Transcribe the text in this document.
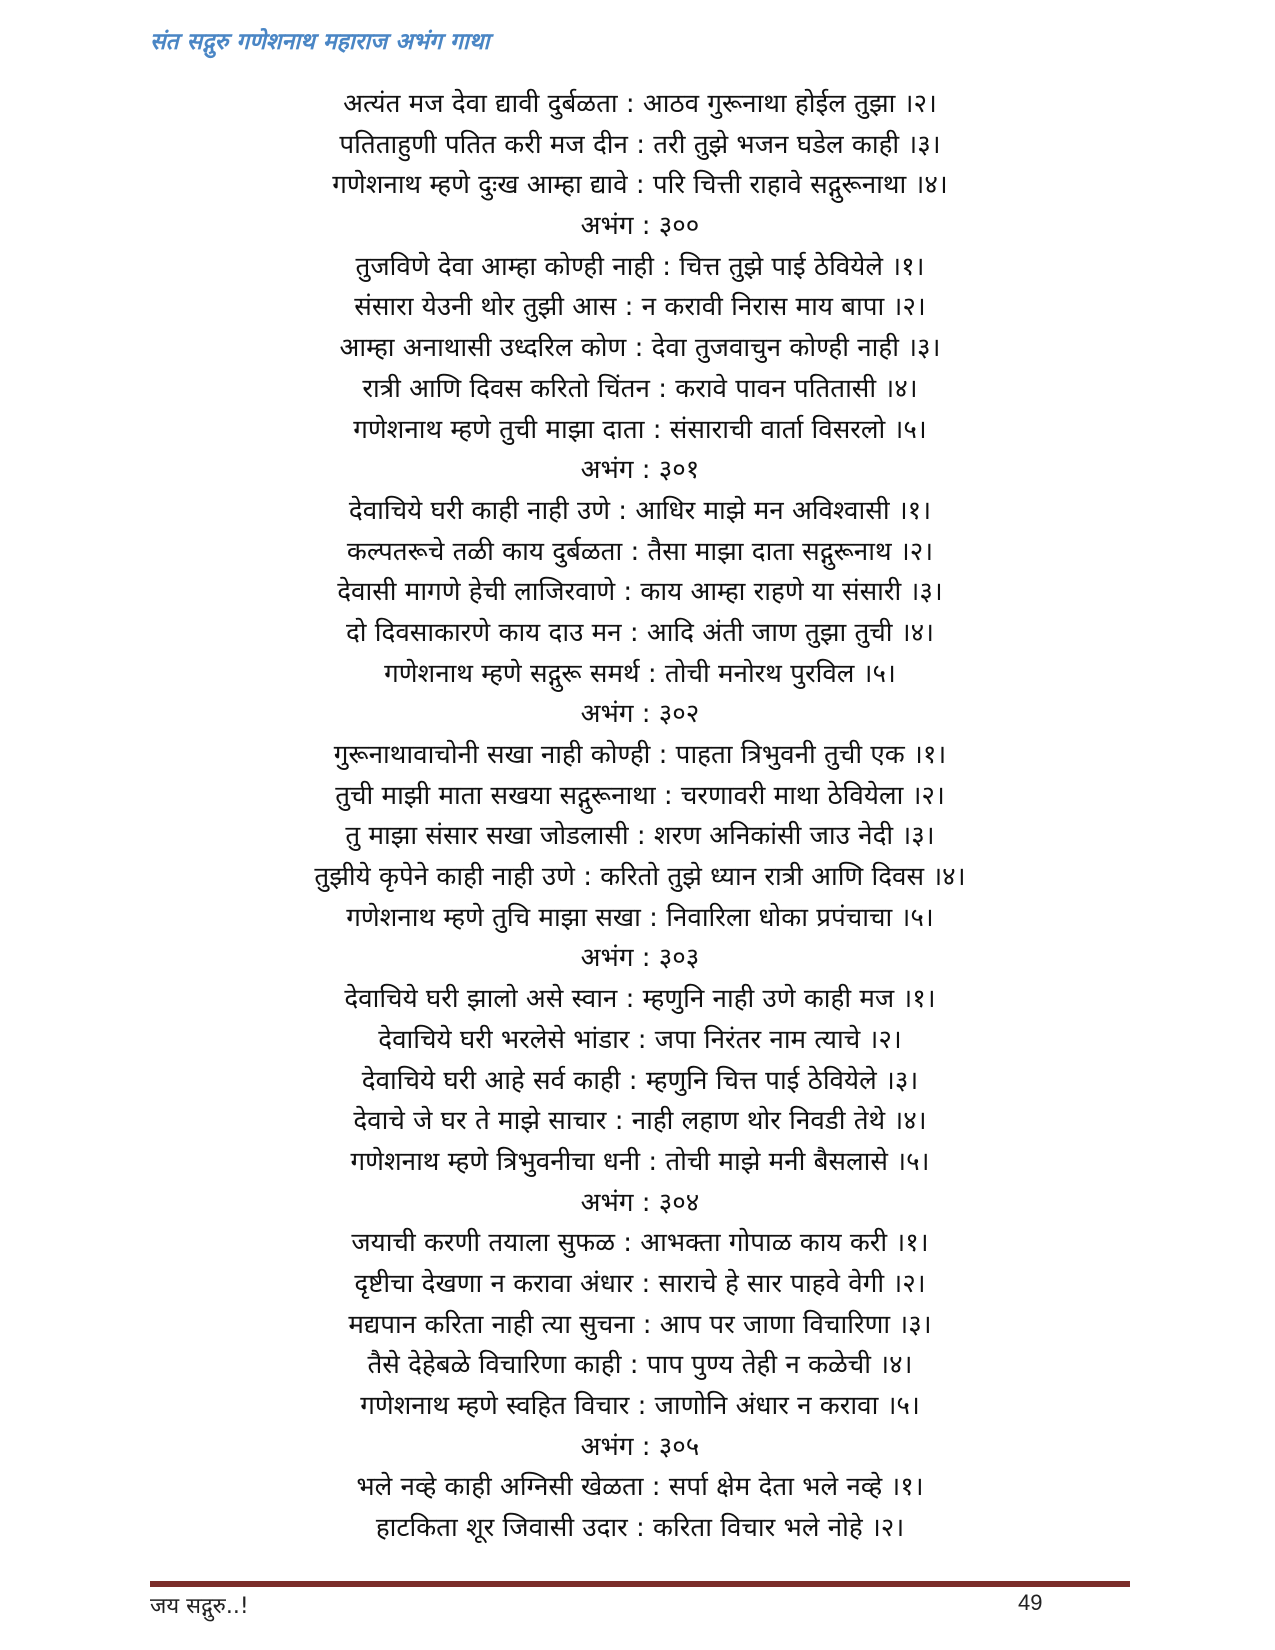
संत सद्गुरु गणेशनाथ महाराज अभंग गाथा
अत्यंत मज देवा द्यावी दुर्बळता : आठव गुरूनाथा होईल तुझा ।२।
पतिताहुणी पतित करी मज दीन : तरी तुझे भजन घडेल काही ।३।
गणेशनाथ म्हणे दुःख आम्हा द्यावे : परि चित्ती राहावे सद्गुरूनाथा ।४।
अभंग : ३००
तुजविणे देवा आम्हा कोण्ही नाही : चित्त तुझे पाई ठेवियेले ।१।
संसारा येउनी थोर तुझी आस : न करावी निरास माय बापा ।२।
आम्हा अनाथासी उध्दरिल कोण : देवा तुजवाचुन कोण्ही नाही ।३।
रात्री आणि दिवस करितो चिंतन : करावे पावन पतितासी ।४।
गणेशनाथ म्हणे तुची माझा दाता : संसाराची वार्ता विसरलो ।५।
अभंग : ३०१
देवाचिये घरी काही नाही उणे : आधिर माझे मन अविश्वासी ।१।
कल्पतरूचे तळी काय दुर्बळता : तैसा माझा दाता सद्गुरूनाथ ।२।
देवासी मागणे हेची लाजिरवाणे : काय आम्हा राहणे या संसारी ।३।
दो दिवसाकारणे काय दाउ मन : आदि अंती जाण तुझा तुची ।४।
गणेशनाथ म्हणे सद्गुरू समर्थ : तोची मनोरथ पुरविल ।५।
अभंग : ३०२
गुरूनाथावाचोनी सखा नाही कोण्ही : पाहता त्रिभुवनी तुची एक ।१।
तुची माझी माता सखया सद्गुरूनाथा : चरणावरी माथा ठेवियेला ।२।
तु माझा संसार सखा जोडलासी : शरण अनिकांसी जाउ नेदी ।३।
तुझीये कृपेने काही नाही उणे : करितो तुझे ध्यान रात्री आणि दिवस ।४।
गणेशनाथ म्हणे तुचि माझा सखा : निवारिला धोका प्रपंचाचा ।५।
अभंग : ३०३
देवाचिये घरी झालो असे स्वान : म्हणुनि नाही उणे काही मज ।१।
देवाचिये घरी भरलेसे भांडार : जपा निरंतर नाम त्याचे ।२।
देवाचिये घरी आहे सर्व काही : म्हणुनि चित्त पाई ठेवियेले ।३।
देवाचे जे घर ते माझे साचार : नाही लहाण थोर निवडी तेथे ।४।
गणेशनाथ म्हणे त्रिभुवनीचा धनी : तोची माझे मनी बैसलासे ।५।
अभंग : ३०४
जयाची करणी तयाला सुफळ : आभक्ता गोपाळ काय करी ।१।
दृष्टीचा देखणा न करावा अंधार : साराचे हे सार पाहवे वेगी ।२।
मद्यपान करिता नाही त्या सुचना : आप पर जाणा विचारिणा ।३।
तैसे देहेबळे विचारिणा काही : पाप पुण्य तेही न कळेची ।४।
गणेशनाथ म्हणे स्वहित विचार : जाणोनि अंधार न करावा ।५।
अभंग : ३०५
भले नव्हे काही अग्निसी खेळता : सर्पा क्षेम देता भले नव्हे ।१।
हाटकिता शूर जिवासी उदार : करिता विचार भले नोहे ।२।
जय सद्गुरु..!	49
